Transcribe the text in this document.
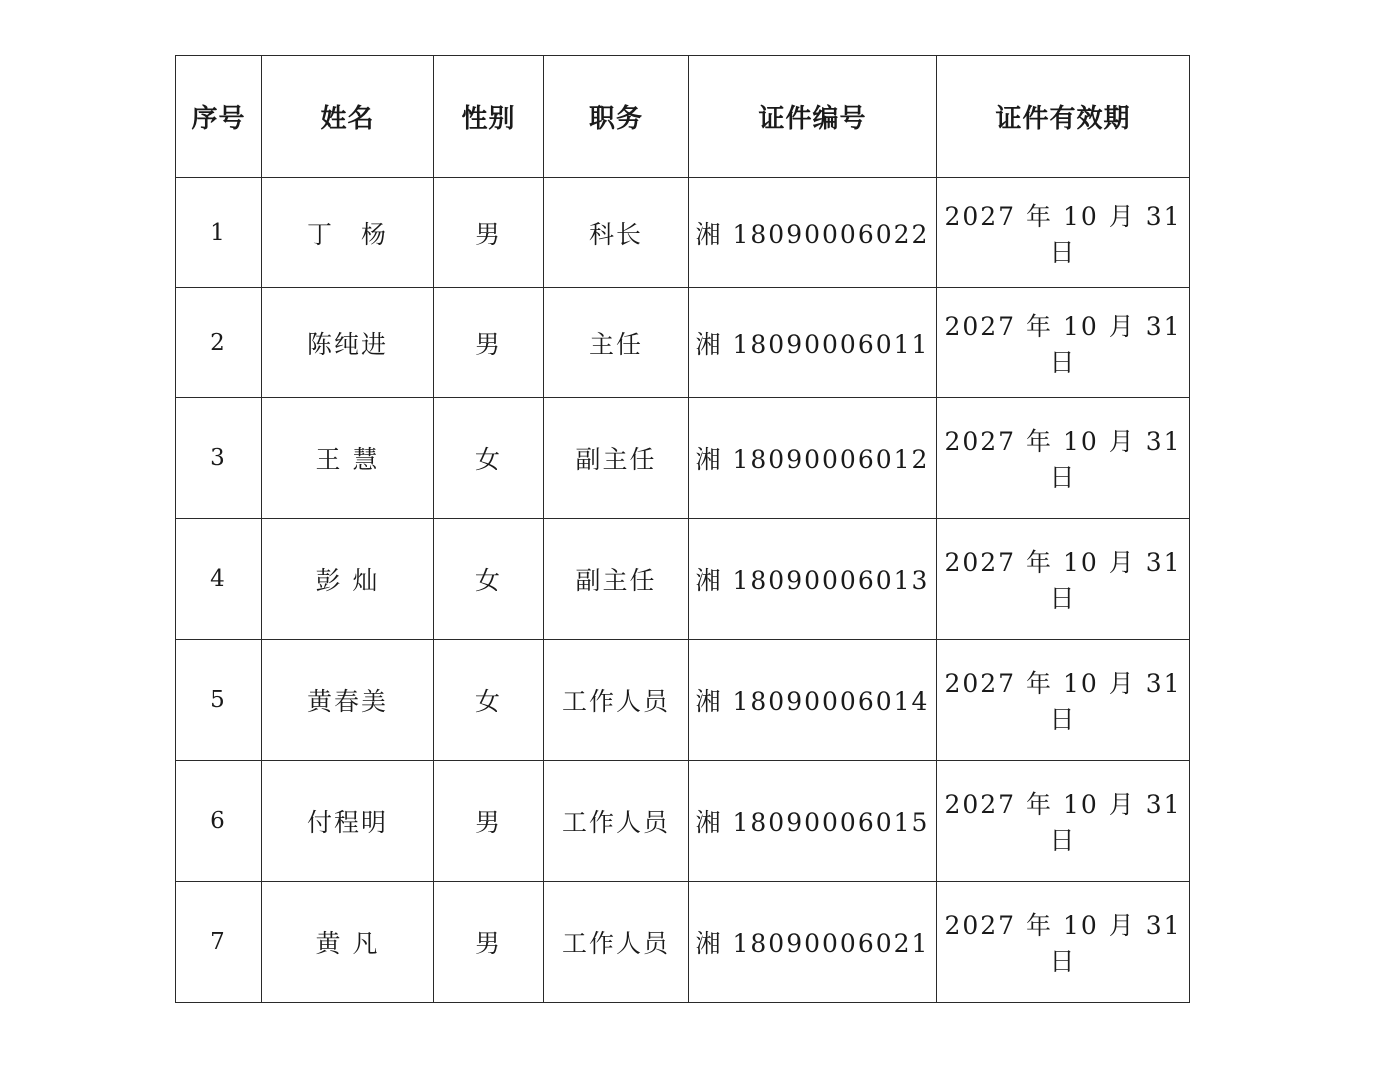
序号	姓名	性别	职务	证件编号	证件有效期
1	丁　杨	男	科长	湘 18090006022	2027 年 10 月 31 日
2	陈纯进	男	主任	湘 18090006011	2027 年 10 月 31 日
3	王 慧	女	副主任	湘 18090006012	2027 年 10 月 31 日
4	彭 灿	女	副主任	湘 18090006013	2027 年 10 月 31 日
5	黄春美	女	工作人员	湘 18090006014	2027 年 10 月 31 日
6	付程明	男	工作人员	湘 18090006015	2027 年 10 月 31 日
7	黄 凡	男	工作人员	湘 18090006021	2027 年 10 月 31 日
